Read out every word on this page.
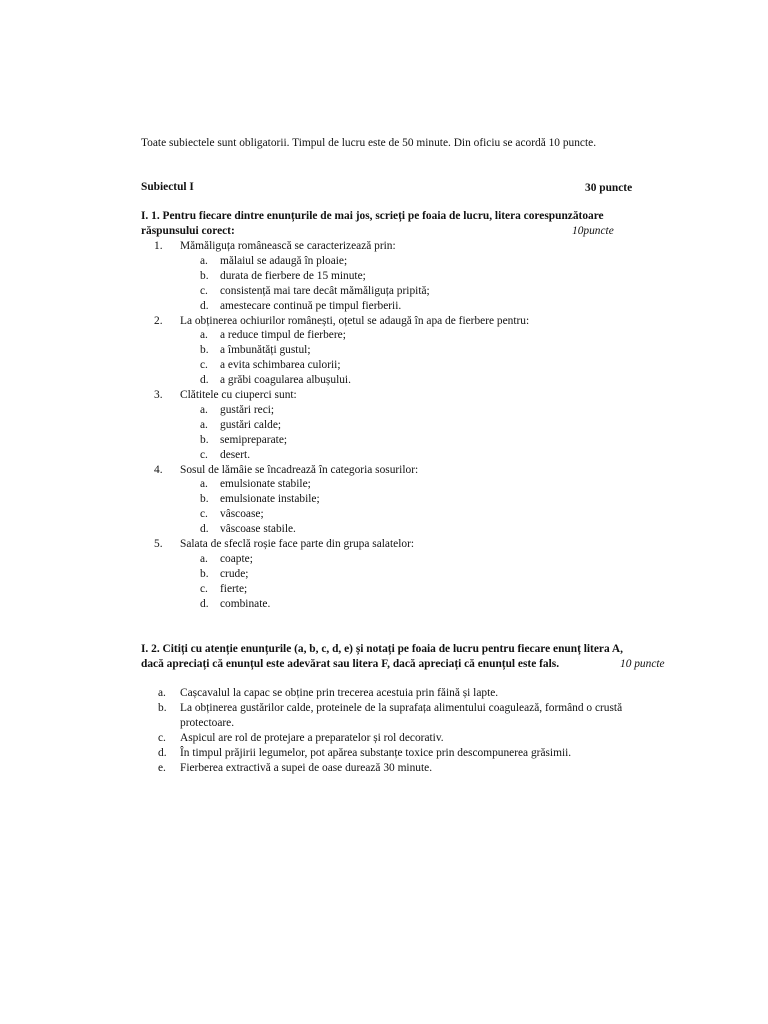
Toate subiectele sunt obligatorii. Timpul de lucru este de 50 minute. Din oficiu se acordă 10 puncte.
Subiectul I	30 puncte
I. 1. Pentru fiecare dintre enunțurile de mai jos, scrieți pe foaia de lucru, litera corespunzătoare
răspunsului corect:	10puncte
1. Mămăliguța românească se caracterizează prin:
a. mălaiul se adaugă în ploaie;
b. durata de fierbere de 15 minute;
c. consistență mai tare decât mămăliguța pripită;
d. amestecare continuă pe timpul fierberii.
2. La obținerea ochiurilor românești, oțetul se adaugă în apa de fierbere pentru:
a. a reduce timpul de fierbere;
b. a îmbunătăți gustul;
c. a evita schimbarea culorii;
d. a grăbi coagularea albușului.
3. Clătitele cu ciuperci sunt:
a. gustări reci;
a. gustări calde;
b. semipreparate;
c. desert.
4. Sosul de lămâie se încadrează în categoria sosurilor:
a. emulsionate stabile;
b. emulsionate instabile;
c. vâscoase;
d. vâscoase stabile.
5. Salata de sfeclă roșie face parte din grupa salatelor:
a. coapte;
b. crude;
c. fierte;
d. combinate.
I. 2. Citiți cu atenție enunțurile (a, b, c, d, e) și notați pe foaia de lucru pentru fiecare enunț litera A,
dacă apreciați că enunțul este adevărat sau litera F, dacă apreciați că enunțul este fals.	10 puncte
a. Cașcavalul la capac se obține prin trecerea acestuia prin făină și lapte.
b. La obținerea gustărilor calde, proteinele de la suprafața alimentului coagulează, formând o crustă
protectoare.
c. Aspicul are rol de protejare a preparatelor și rol decorativ.
d. În timpul prăjirii legumelor, pot apărea substanțe toxice prin descompunerea grăsimii.
e. Fierberea extractivă a supei de oase durează 30 minute.
